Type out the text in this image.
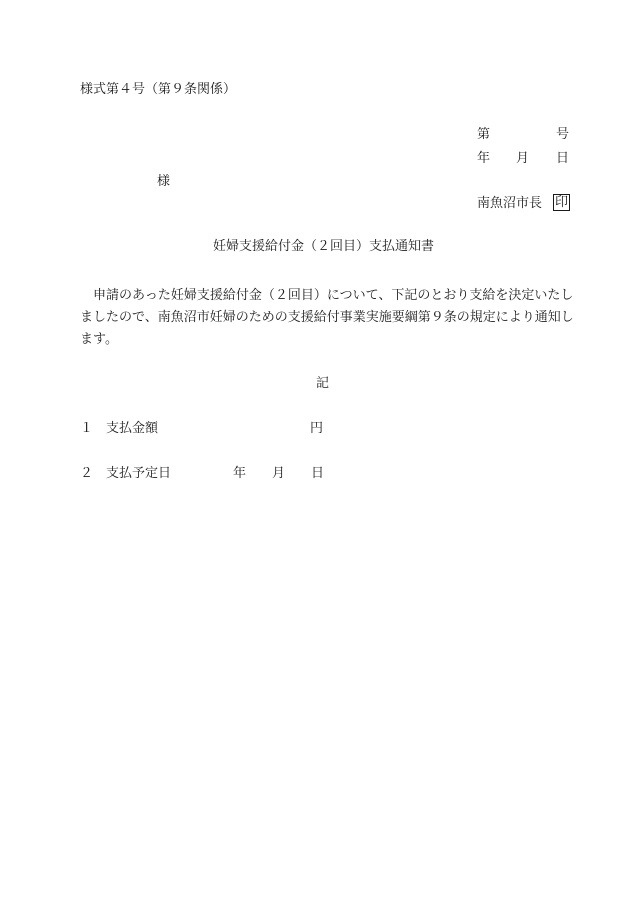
様式第４号（第９条関係）
第	号
年 月 日
様
南魚沼市長 印
妊婦支援給付金（２回目）支払通知書
申請のあった妊婦支援給付金（２回目）について、下記のとおり支給を決定いたし
ましたので、南魚沼市妊婦のための支援給付事業実施要綱第９条の規定により通知し
ます。
記
１ 支払金額	円
２ 支払予定日	年 月 日
